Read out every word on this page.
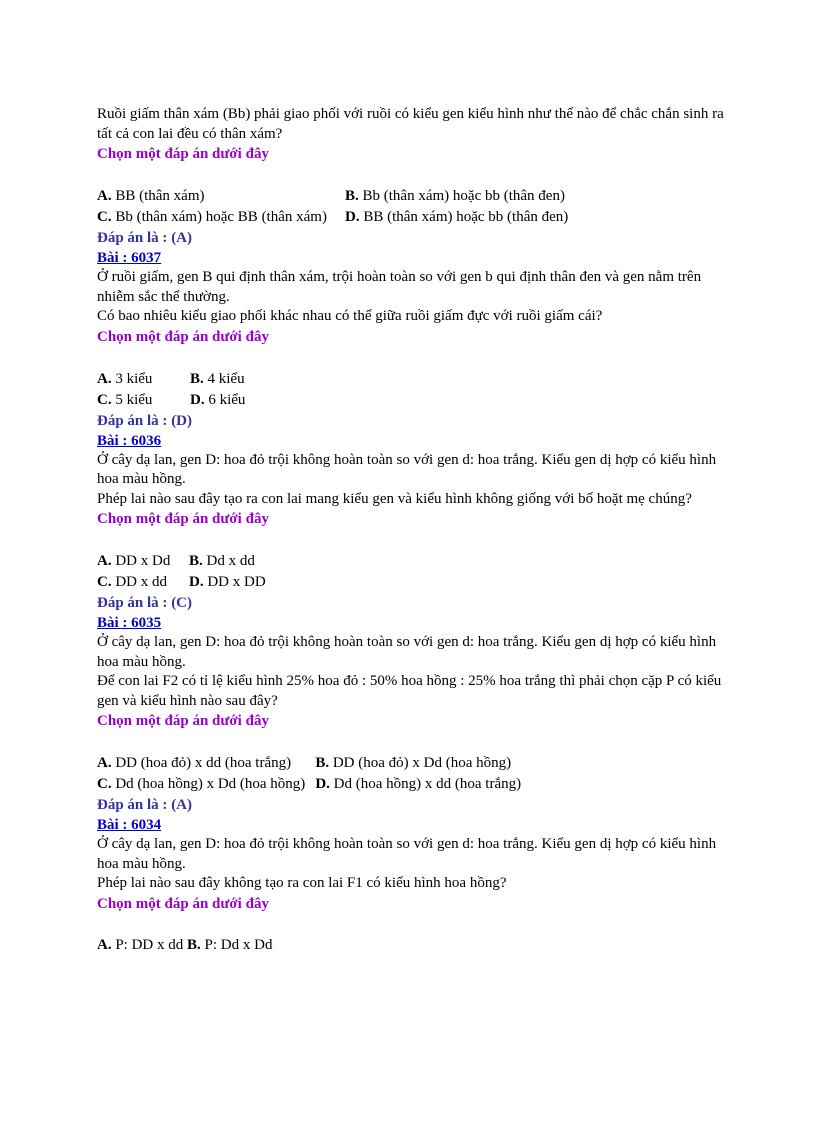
Ruồi giấm thân xám (Bb) phải giao phối với ruồi có kiểu gen kiểu hình như thế nào để chắc chắn sinh ra tất cả con lai đều có thân xám?
Chọn một đáp án dưới đây
A. BB (thân xám)	B. Bb (thân xám) hoặc bb (thân đen)
C. Bb (thân xám) hoặc BB (thân xám)	D. BB (thân xám) hoặc bb (thân đen)
Đáp án là : (A)
Bài : 6037
Ở ruồi giấm, gen B qui định thân xám, trội hoàn toàn so với gen b qui định thân đen và gen nằm trên nhiễm sắc thể thường.
Có bao nhiêu kiểu giao phối khác nhau có thể giữa ruồi giấm đực với ruồi giấm cái?
Chọn một đáp án dưới đây
A. 3 kiểu	B. 4 kiểu
C. 5 kiểu	D. 6 kiểu
Đáp án là : (D)
Bài : 6036
Ở cây dạ lan, gen D: hoa đỏ trội không hoàn toàn so với gen d: hoa trắng. Kiểu gen dị hợp có kiểu hình hoa màu hồng.
Phép lai nào sau đây tạo ra con lai mang kiểu gen và kiểu hình không giống với bố hoặt mẹ chúng?
Chọn một đáp án dưới đây
A. DD x Dd	B. Dd x dd
C. DD x dd	D. DD x DD
Đáp án là : (C)
Bài : 6035
Ở cây dạ lan, gen D: hoa đỏ trội không hoàn toàn so với gen d: hoa trắng. Kiểu gen dị hợp có kiểu hình hoa màu hồng.
Để con lai F2 có tỉ lệ kiểu hình 25% hoa đỏ : 50% hoa hồng : 25% hoa trắng thì phải chọn cặp P có kiểu gen và kiểu hình nào sau đây?
Chọn một đáp án dưới đây
A. DD (hoa đỏ) x dd (hoa trắng)	B. DD (hoa đỏ) x Dd (hoa hồng)
C. Dd (hoa hồng) x Dd (hoa hồng)	D. Dd (hoa hồng) x dd (hoa trắng)
Đáp án là : (A)
Bài : 6034
Ở cây dạ lan, gen D: hoa đỏ trội không hoàn toàn so với gen d: hoa trắng. Kiểu gen dị hợp có kiểu hình hoa màu hồng.
Phép lai nào sau đây không tạo ra con lai F1 có kiểu hình hoa hồng?
Chọn một đáp án dưới đây
A. P: DD x dd B. P: Dd x Dd
